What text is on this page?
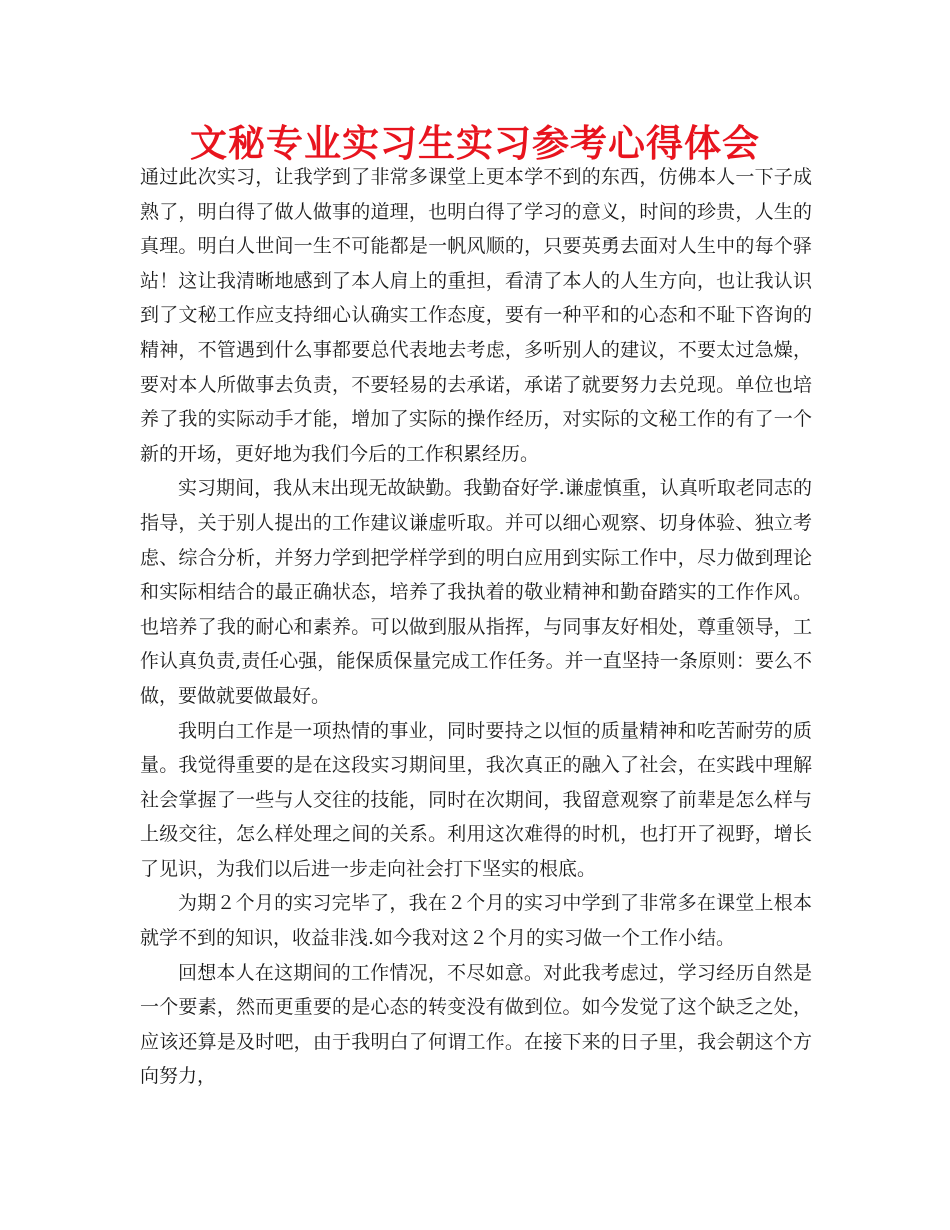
文秘专业实习生实习参考心得体会

通过此次实习，让我学到了非常多课堂上更本学不到的东西，仿佛本人一下子成熟了，明白得了做人做事的道理，也明白得了学习的意义，时间的珍贵，人生的真理。明白人世间一生不可能都是一帆风顺的，只要英勇去面对人生中的每个驿站！这让我清晰地感到了本人肩上的重担，看清了本人的人生方向，也让我认识到了文秘工作应支持细心认确实工作态度，要有一种平和的心态和不耻下咨询的精神，不管遇到什么事都要总代表地去考虑，多听别人的建议，不要太过急燥，要对本人所做事去负责，不要轻易的去承诺，承诺了就要努力去兑现。单位也培养了我的实际动手才能，增加了实际的操作经历，对实际的文秘工作的有了一个新的开场，更好地为我们今后的工作积累经历。

实习期间，我从末出现无故缺勤。我勤奋好学.谦虚慎重，认真听取老同志的指导，关于别人提出的工作建议谦虚听取。并可以细心观察、切身体验、独立考虑、综合分析，并努力学到把学样学到的明白应用到实际工作中，尽力做到理论和实际相结合的最正确状态，培养了我执着的敬业精神和勤奋踏实的工作作风。也培养了我的耐心和素养。可以做到服从指挥，与同事友好相处，尊重领导，工作认真负责,责任心强，能保质保量完成工作任务。并一直坚持一条原则：要么不做，要做就要做最好。

我明白工作是一项热情的事业，同时要持之以恒的质量精神和吃苦耐劳的质量。我觉得重要的是在这段实习期间里，我次真正的融入了社会，在实践中理解社会掌握了一些与人交往的技能，同时在次期间，我留意观察了前辈是怎么样与上级交往，怎么样处理之间的关系。利用这次难得的时机，也打开了视野，增长了见识，为我们以后进一步走向社会打下坚实的根底。

为期２个月的实习完毕了，我在２个月的实习中学到了非常多在课堂上根本就学不到的知识，收益非浅.如今我对这２个月的实习做一个工作小结。

回想本人在这期间的工作情况，不尽如意。对此我考虑过，学习经历自然是一个要素，然而更重要的是心态的转变没有做到位。如今发觉了这个缺乏之处，应该还算是及时吧，由于我明白了何谓工作。在接下来的日子里，我会朝这个方向努力，
